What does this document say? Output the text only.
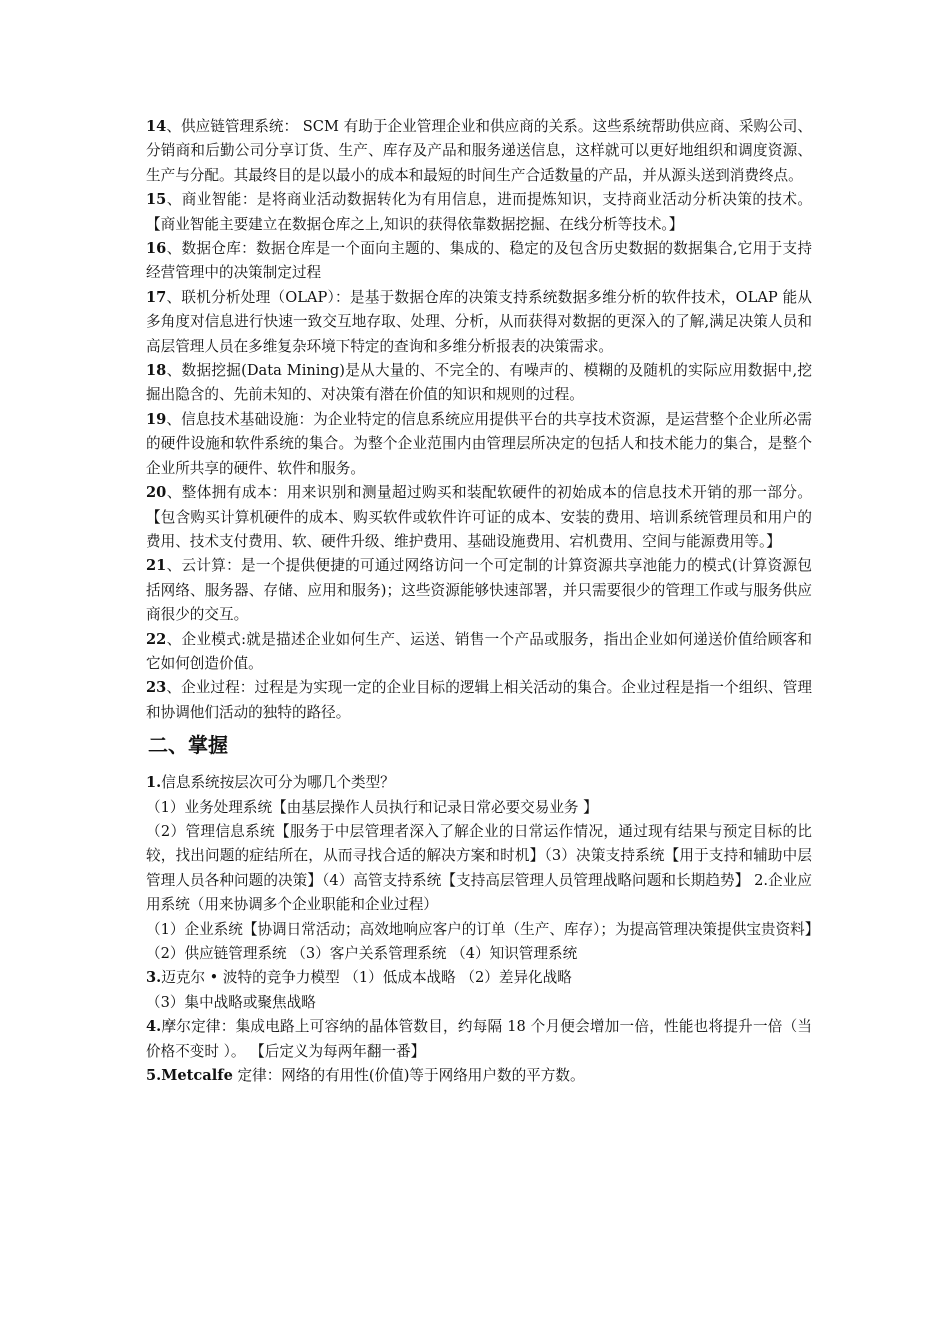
14、供应链管理系统： SCM 有助于企业管理企业和供应商的关系。这些系统帮助供应商、采购公司、分销商和后勤公司分享订货、生产、库存及产品和服务递送信息，这样就可以更好地组织和调度资源、生产与分配。其最终目的是以最小的成本和最短的时间生产合适数量的产品，并从源头送到消费终点。

15、商业智能：是将商业活动数据转化为有用信息，进而提炼知识，支持商业活动分析决策的技术。【商业智能主要建立在数据仓库之上,知识的获得依靠数据挖掘、在线分析等技术。】

16、数据仓库：数据仓库是一个面向主题的、集成的、稳定的及包含历史数据的数据集合,它用于支持经营管理中的决策制定过程

17、联机分析处理（OLAP）：是基于数据仓库的决策支持系统数据多维分析的软件技术，OLAP 能从多角度对信息进行快速一致交互地存取、处理、分析，从而获得对数据的更深入的了解,满足决策人员和高层管理人员在多维复杂环境下特定的查询和多维分析报表的决策需求。

18、数据挖掘(Data Mining)是从大量的、不完全的、有噪声的、模糊的及随机的实际应用数据中,挖掘出隐含的、先前未知的、对决策有潜在价值的知识和规则的过程。

19、信息技术基础设施：为企业特定的信息系统应用提供平台的共享技术资源，是运营整个企业所必需的硬件设施和软件系统的集合。为整个企业范围内由管理层所决定的包括人和技术能力的集合，是整个企业所共享的硬件、软件和服务。

20、整体拥有成本：用来识别和测量超过购买和装配软硬件的初始成本的信息技术开销的那一部分。【包含购买计算机硬件的成本、购买软件或软件许可证的成本、安装的费用、培训系统管理员和用户的费用、技术支付费用、软、硬件升级、维护费用、基础设施费用、宕机费用、空间与能源费用等。】

21、云计算：是一个提供便捷的可通过网络访问一个可定制的计算资源共享池能力的模式(计算资源包括网络、服务器、存储、应用和服务)；这些资源能够快速部署，并只需要很少的管理工作或与服务供应商很少的交互。

22、企业模式:就是描述企业如何生产、运送、销售一个产品或服务，指出企业如何递送价值给顾客和它如何创造价值。

23、企业过程：过程是为实现一定的企业目标的逻辑上相关活动的集合。企业过程是指一个组织、管理和协调他们活动的独特的路径。

二、掌握

1.信息系统按层次可分为哪几个类型？

（1）业务处理系统【由基层操作人员执行和记录日常必要交易业务 】

（2）管理信息系统【服务于中层管理者深入了解企业的日常运作情况，通过现有结果与预定目标的比较，找出问题的症结所在，从而寻找合适的解决方案和时机】（3）决策支持系统【用于支持和辅助中层管理人员各种问题的决策】（4）高管支持系统【支持高层管理人员管理战略问题和长期趋势】 2.企业应用系统（用来协调多个企业职能和企业过程）

（1）企业系统【协调日常活动；高效地响应客户的订单（生产、库存）；为提高管理决策提供宝贵资料】

（2）供应链管理系统 （3）客户关系管理系统 （4）知识管理系统

3.迈克尔 • 波特的竞争力模型 （1）低成本战略 （2）差异化战略

（3）集中战略或聚焦战略

4.摩尔定律：集成电路上可容纳的晶体管数目，约每隔 18 个月便会增加一倍，性能也将提升一倍（当价格不变时 ）。 【后定义为每两年翻一番】

5.Metcalfe 定律：网络的有用性(价值)等于网络用户数的平方数。
